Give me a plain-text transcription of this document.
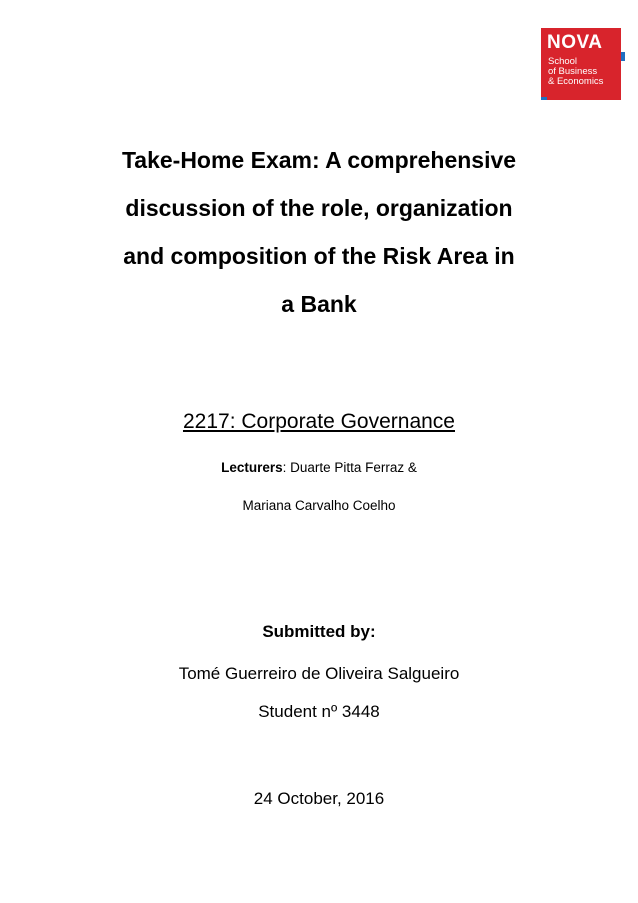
NOVA
School
of Business
& Economics
Take-Home Exam: A comprehensive
discussion of the role, organization
and composition of the Risk Area in
a Bank

2217: Corporate Governance

Lecturers: Duarte Pitta Ferraz &
Mariana Carvalho Coelho
Submitted by:
Tomé Guerreiro de Oliveira Salgueiro
Student nº 3448
24 October, 2016
